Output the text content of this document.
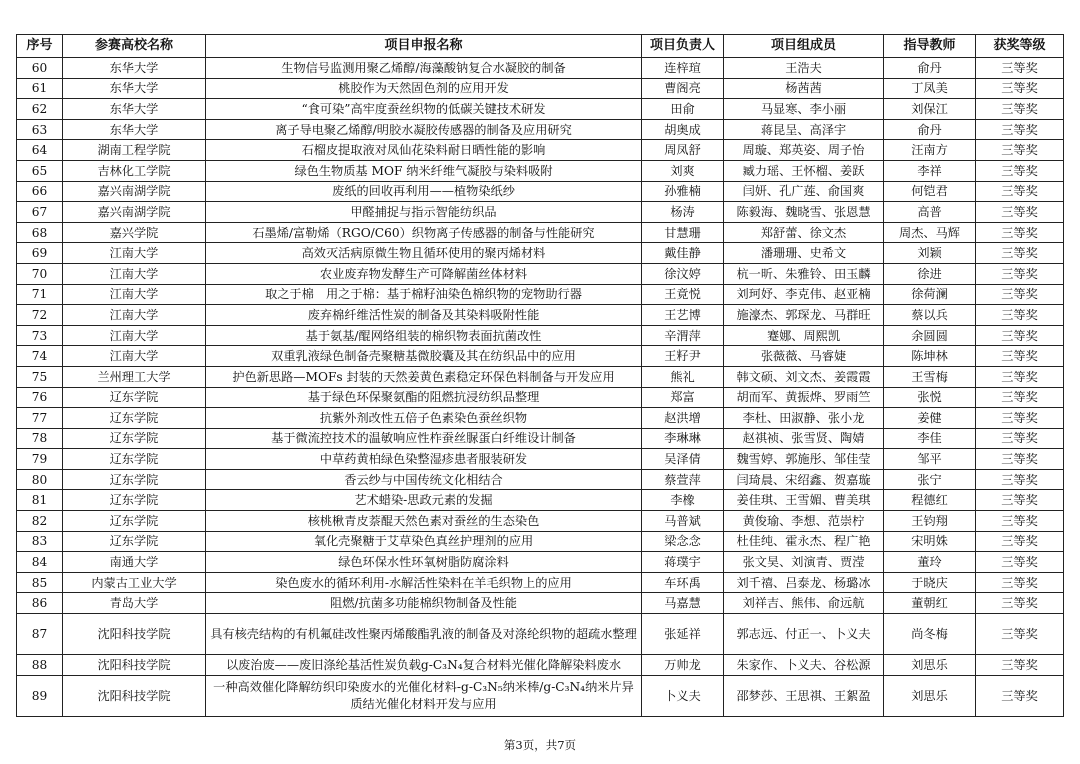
序号	参赛高校名称	项目申报名称	项目负责人	项目组成员	指导教师	获奖等级
60	东华大学	生物信号监测用聚乙烯醇/海藻酸钠复合水凝胶的制备	连梓瑄	王浩夫	俞丹	三等奖
61	东华大学	桃胶作为天然固色剂的应用开发	曹阁亮	杨茜茜	丁凤美	三等奖
62	东华大学	“食可染”高牢度蚕丝织物的低碳关键技术研发	田俞	马显寒、李小丽	刘保江	三等奖
63	东华大学	离子导电聚乙烯醇/明胶水凝胶传感器的制备及应用研究	胡奥成	蒋昆呈、高泽宇	俞丹	三等奖
64	湖南工程学院	石榴皮提取液对凤仙花染料耐日晒性能的影响	周凤舒	周璇、郑英姿、周子怡	汪南方	三等奖
65	吉林化工学院	绿色生物质基 MOF 纳米纤维气凝胶与染料吸附	刘爽	臧力瑶、王怀榴、姜跃	李祥	三等奖
66	嘉兴南湖学院	废纸的回收再利用——植物染纸纱	孙雅楠	闫妍、孔广莲、俞国爽	何铠君	三等奖
67	嘉兴南湖学院	甲醛捕捉与指示智能纺织品	杨涛	陈毅海、魏晓雪、张恩慧	高普	三等奖
68	嘉兴学院	石墨烯/富勒烯（RGO/C60）织物离子传感器的制备与性能研究	甘慧珊	郑舒蕾、徐文杰	周杰、马辉	三等奖
69	江南大学	高效灭活病原微生物且循环使用的聚丙烯材料	戴佳静	潘珊珊、史希文	刘颖	三等奖
70	江南大学	农业废弃物发酵生产可降解菌丝体材料	徐汶婷	杭一昕、朱雅铃、田玉麟	徐进	三等奖
71	江南大学	取之于棉　用之于棉：基于棉籽油染色棉织物的宠物助行器	王竟悦	刘珂妤、李克伟、赵亚楠	徐荷澜	三等奖
72	江南大学	废弃棉纤维活性炭的制备及其染料吸附性能	王艺博	施濠杰、郭琛龙、马群旺	蔡以兵	三等奖
73	江南大学	基于氨基/醌网络组装的棉织物表面抗菌改性	辛渭萍	蹇娜、周熙凯	余圆圆	三等奖
74	江南大学	双重乳液绿色制备壳聚糖基微胶囊及其在纺织品中的应用	王籽尹	张薇薇、马睿婕	陈坤林	三等奖
75	兰州理工大学	护色新思路—MOFs 封装的天然姜黄色素稳定环保色料制备与开发应用	熊礼	韩文硕、刘文杰、姜霞霞	王雪梅	三等奖
76	辽东学院	基于绿色环保聚氨酯的阻燃抗浸纺织品整理	郑富	胡而军、黄振烨、罗雨竺	张悦	三等奖
77	辽东学院	抗紫外剂改性五倍子色素染色蚕丝织物	赵洪增	李杜、田淑静、张小龙	姜健	三等奖
78	辽东学院	基于微流控技术的温敏响应性柞蚕丝脲蛋白纤维设计制备	李琳琳	赵祺祯、张雪贤、陶婧	李佳	三等奖
79	辽东学院	中草药黄柏绿色染整湿疹患者服装研发	吴泽倩	魏雪婷、郭施彤、邹佳莹	邹平	三等奖
80	辽东学院	香云纱与中国传统文化相结合	蔡萱萍	闫琦晨、宋绍鑫、贺嘉璇	张宁	三等奖
81	辽东学院	艺术蜡染-思政元素的发掘	李橡	姜佳琪、王雪媚、曹美琪	程德红	三等奖
82	辽东学院	核桃楸青皮萘醌天然色素对蚕丝的生态染色	马普斌	黄俊瑜、李想、范崇柠	王钧翔	三等奖
83	辽东学院	氧化壳聚糖于艾草染色真丝护理剂的应用	梁念念	杜佳纯、霍永杰、程广艳	宋明姝	三等奖
84	南通大学	绿色环保水性环氧树脂防腐涂料	蒋璞宇	张文昊、刘演青、贾滢	董玲	三等奖
85	内蒙古工业大学	染色废水的循环利用-水解活性染料在羊毛织物上的应用	车环禹	刘千禧、吕泰龙、杨璐冰	于晓庆	三等奖
86	青岛大学	阻燃/抗菌多功能棉织物制备及性能	马嘉慧	刘祥吉、熊伟、俞远航	董朝红	三等奖
87	沈阳科技学院	具有核壳结构的有机氟硅改性聚丙烯酸酯乳液的制备及对涤纶织物的超疏水整理	张延祥	郭志远、付正一、卜义夫	尚冬梅	三等奖
88	沈阳科技学院	以废治废——废旧涤纶基活性炭负载g-C₃N₄复合材料光催化降解染料废水	万帅龙	朱家作、卜义夫、谷松源	刘思乐	三等奖
89	沈阳科技学院	一种高效催化降解纺织印染废水的光催化材料-g-C₃N₅纳米棒/g-C₃N₄纳米片异质结光催化材料开发与应用	卜义夫	邵梦莎、王思祺、王絮盈	刘思乐	三等奖
第3页，共7页
